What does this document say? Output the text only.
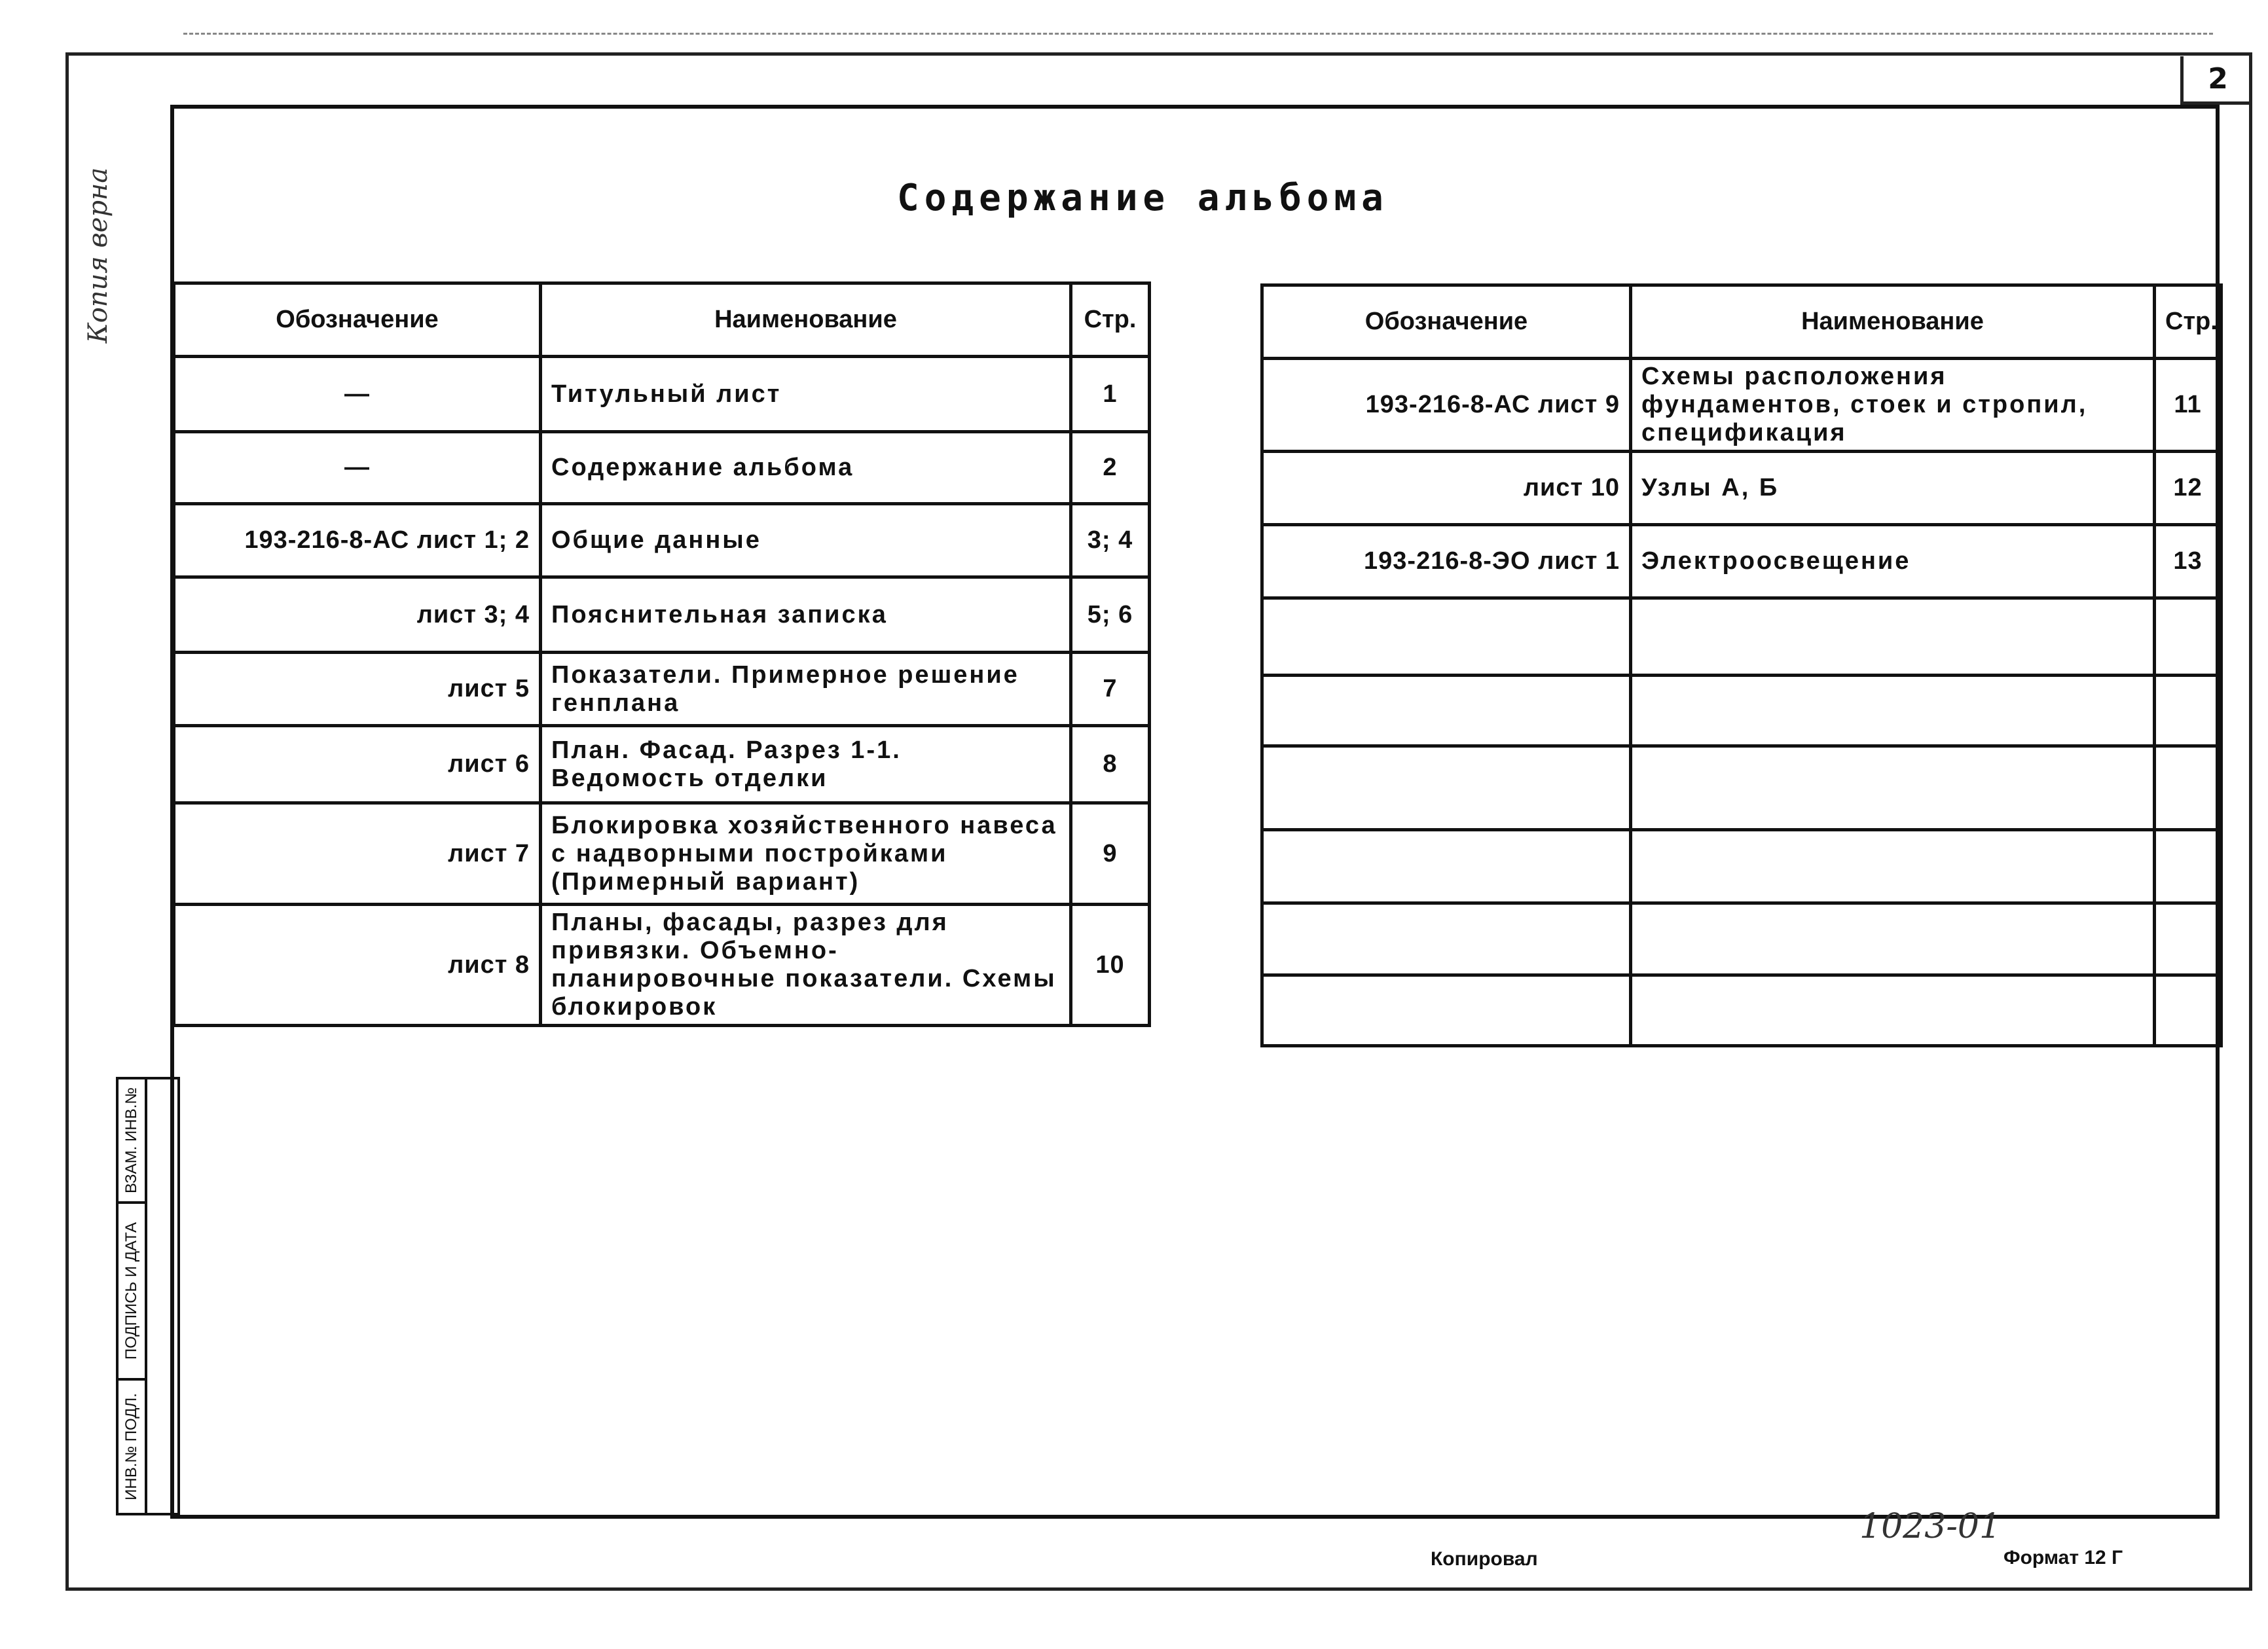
2
Копия верна	Содержание альбома
Обозначение	Наименование	Стр.
—	Титульный лист	1
—	Содержание альбома	2
193-216-8-АС лист 1; 2	Общие данные	3; 4
лист 3; 4	Пояснительная записка	5; 6
лист 5	Показатели. Примерное решение генплана	7
лист 6	План. Фасад. Разрез 1-1. Ведомость отделки	8
лист 7	Блокировка хозяйственного навеса с надворными постройками (Примерный вариант)	9
лист 8	Планы, фасады, разрез для привязки. Объемно-планировочные показатели. Схемы блокировок	10
Обозначение	Наименование	Стр.
193-216-8-АС лист 9	Схемы расположения фундаментов, стоек и стропил, спецификация	11
лист 10	Узлы А, Б	12
193-216-8-ЭО лист 1	Электроосвещение	13

ВЗАМ. ИНВ.№
ПОДПИСЬ И ДАТА
ИНВ.№ ПОДЛ.
1023-01
Копировал	Формат 12 Г
